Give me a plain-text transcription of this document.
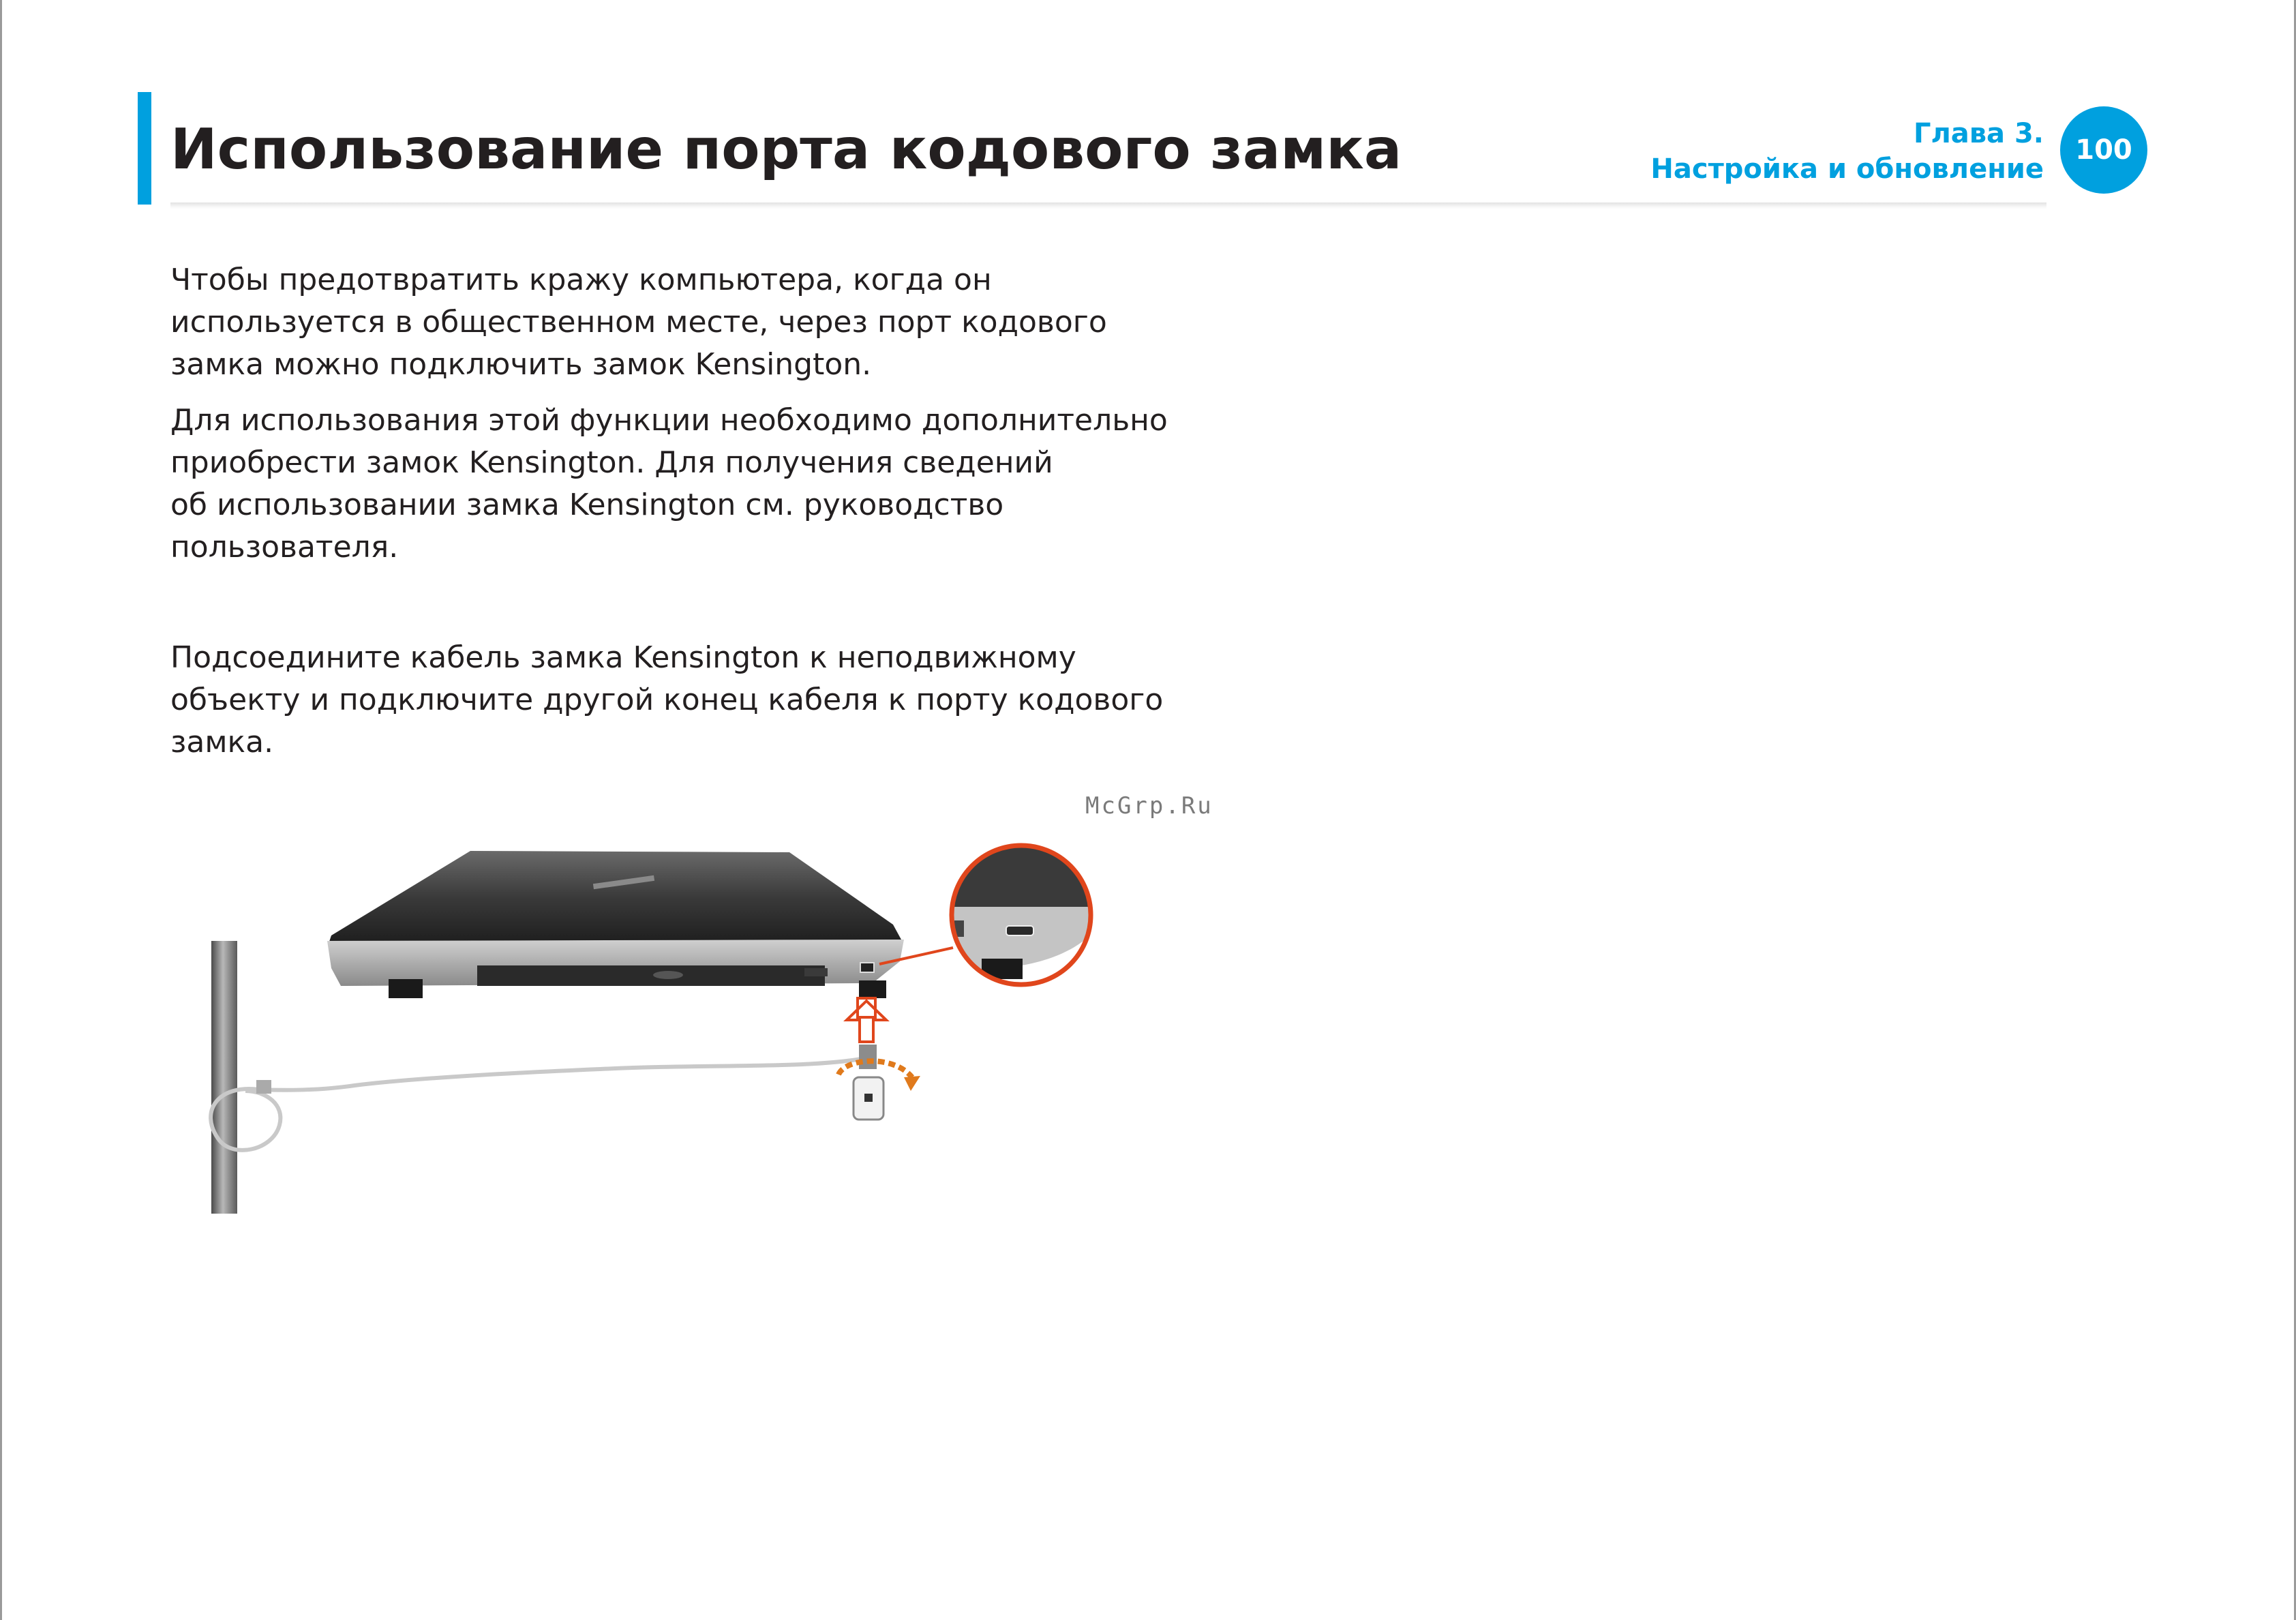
Использование порта кодового замка	Глава 3.
Настройка и обновление
100
Чтобы предотвратить кражу компьютера, когда он
используется в общественном месте, через порт кодового
замка можно подключить замок Kensington.
Для использования этой функции необходимо дополнительно
приобрести замок Kensington. Для получения сведений
об использовании замка Kensington см. руководство
пользователя.
Подсоедините кабель замка Kensington к неподвижному
объекту и подключите другой конец кабеля к порту кодового
замка.
McGrp.Ru
